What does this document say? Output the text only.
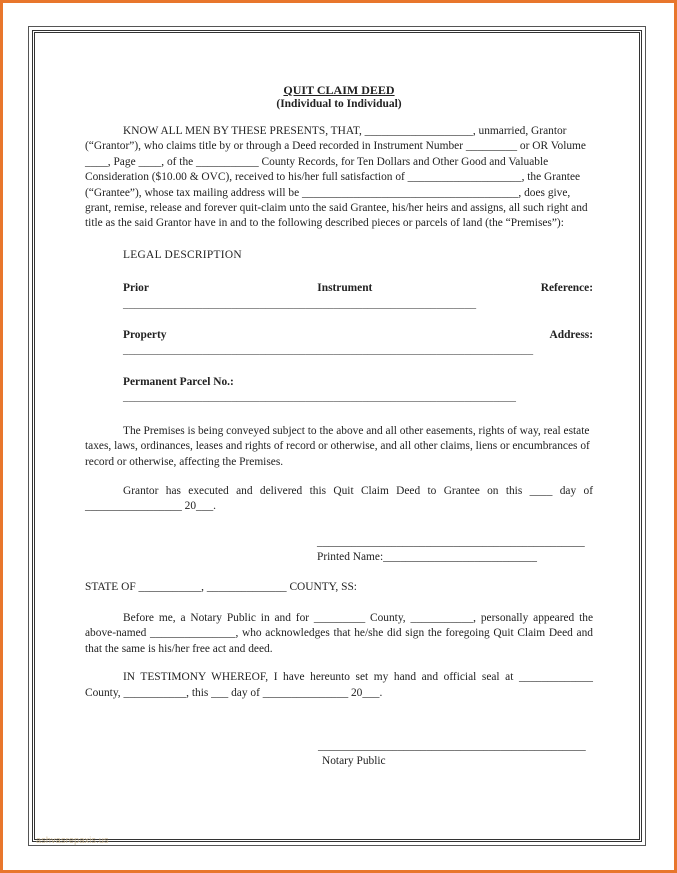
QUIT CLAIM DEED
(Individual to Individual)

KNOW ALL MEN BY THESE PRESENTS, THAT, ___________________, unmarried, Grantor (“Grantor”), who claims title by or through a Deed recorded in Instrument Number _________ or OR Volume ____, Page ____, of the ___________ County Records, for Ten Dollars and Other Good and Valuable Consideration ($10.00 & OVC), received to his/her full satisfaction of ____________________, the Grantee (“Grantee”), whose tax mailing address will be ______________________________________, does give, grant, remise, release and forever quit-claim unto the said Grantee, his/her heirs and assigns, all such right and title as the said Grantor have in and to the following described pieces or parcels of land (the “Premises”):

LEGAL DESCRIPTION
Prior	Instrument	Reference:
______________________________________________________________
Property	Address:
________________________________________________________________________
Permanent Parcel No.:
_____________________________________________________________________

The Premises is being conveyed subject to the above and all other easements, rights of way, real estate taxes, laws, ordinances, leases and rights of record or otherwise, and all other claims, liens or encumbrances of record or otherwise, affecting the Premises.

Grantor has executed and delivered this Quit Claim Deed to Grantee on this ____ day of _________________ 20___.

_______________________________________________
Printed Name:___________________________
STATE OF ___________, ______________ COUNTY, SS:

Before me, a Notary Public in and for _________ County, ___________, personally appeared the above-named _______________, who acknowledges that he/she did sign the foregoing Quit Claim Deed and that the same is his/her free act and deed.

IN TESTIMONY WHEREOF, I have hereunto set my hand and official seal at _____________ County, ___________, this ___ day of _______________ 20___.

_______________________________________________
Notary Public
ashvasrepaxis.us
